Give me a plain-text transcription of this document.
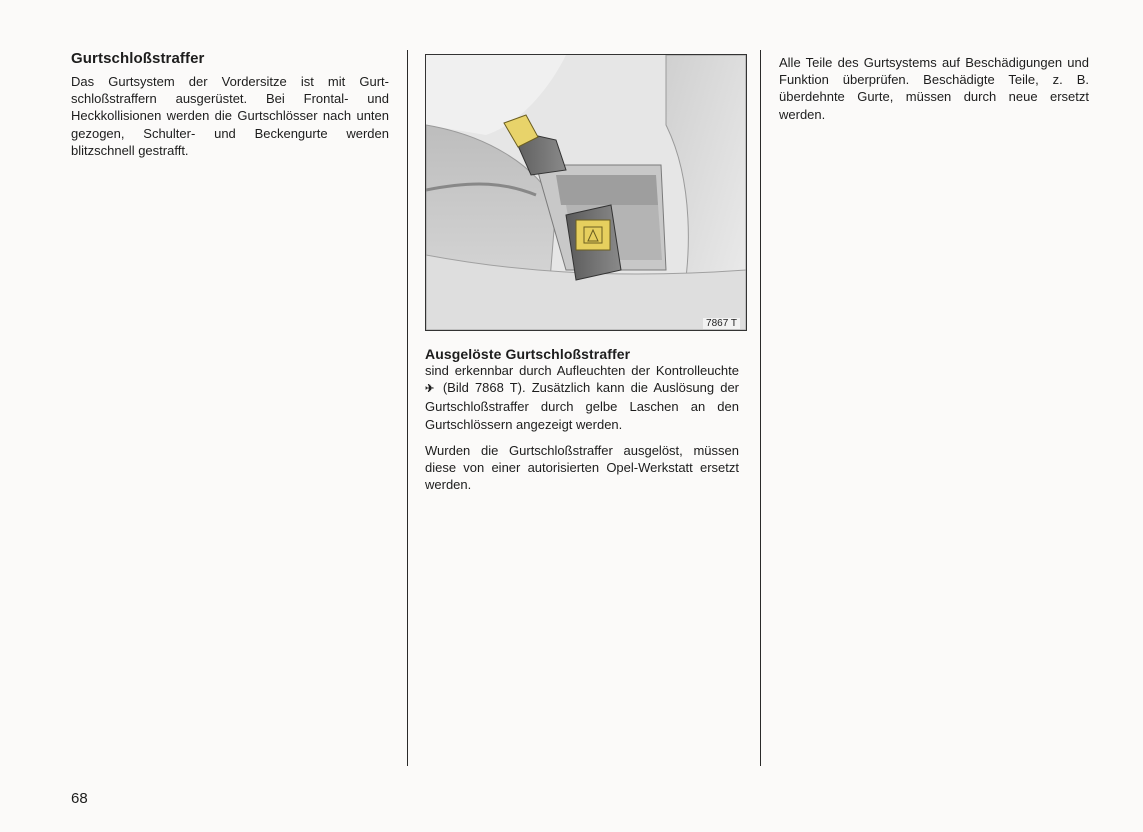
Gurtschloßstraffer

Das Gurtsystem der Vordersitze ist mit Gurtschloßstraffern ausgerüstet. Bei Frontal- und Heckkollisionen werden die Gurtschlösser nach unten gezogen, Schulter- und Beckengurte werden blitzschnell gestrafft.

7867 T
Ausgelöste Gurtschloßstraffer

sind erkennbar durch Aufleuchten der Kontrolleuchte ✈ (Bild 7868 T). Zusätzlich kann die Auslösung der Gurtschloßstraffer durch gelbe Laschen an den Gurtschlössern angezeigt werden.

Wurden die Gurtschloßstraffer ausgelöst, müssen diese von einer autorisierten Opel-Werkstatt ersetzt werden.

Alle Teile des Gurtsystems auf Beschädigungen und Funktion überprüfen. Beschädigte Teile, z. B. überdehnte Gurte, müssen durch neue ersetzt werden.

68
